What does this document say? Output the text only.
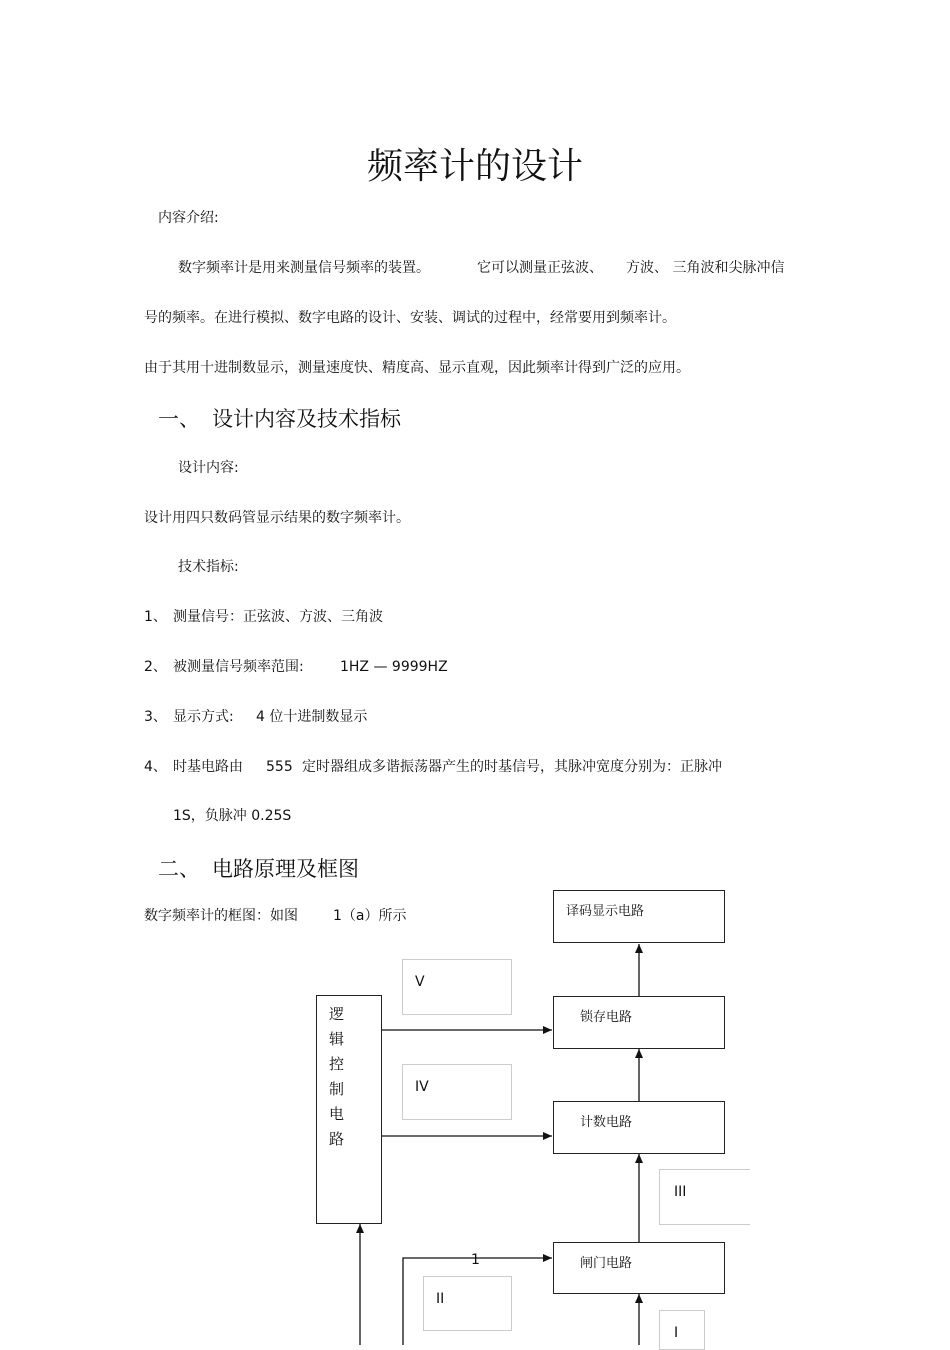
频率计的设计
内容介绍:
数字频率计是用来测量信号频率的装置。	它可以测量正弦波、 方波、 三角波和尖脉冲信
号的频率。在进行模拟、数字电路的设计、安装、调试的过程中，经常要用到频率计。
由于其用十进制数显示，测量速度快、精度高、显示直观，因此频率计得到广泛的应用。
一、 设计内容及技术指标
设计内容:
设计用四只数码管显示结果的数字频率计。
技术指标:
1、 测量信号：正弦波、方波、三角波
2、 被测量信号频率范围:	1HZ — 9999HZ
3、 显示方式: 4 位十进制数显示
4、 时基电路由 555 定时器组成多谐振荡器产生的时基信号，其脉冲宽度分别为：正脉冲
1S，负脉冲 0.25S
二、 电路原理及框图
数字频率计的框图：如图	1（a）所示	译码显示电路
锁存电路
计数电路
闸门电路
逻
辑
控
制
电
路
V
IV
III
II
I
1
